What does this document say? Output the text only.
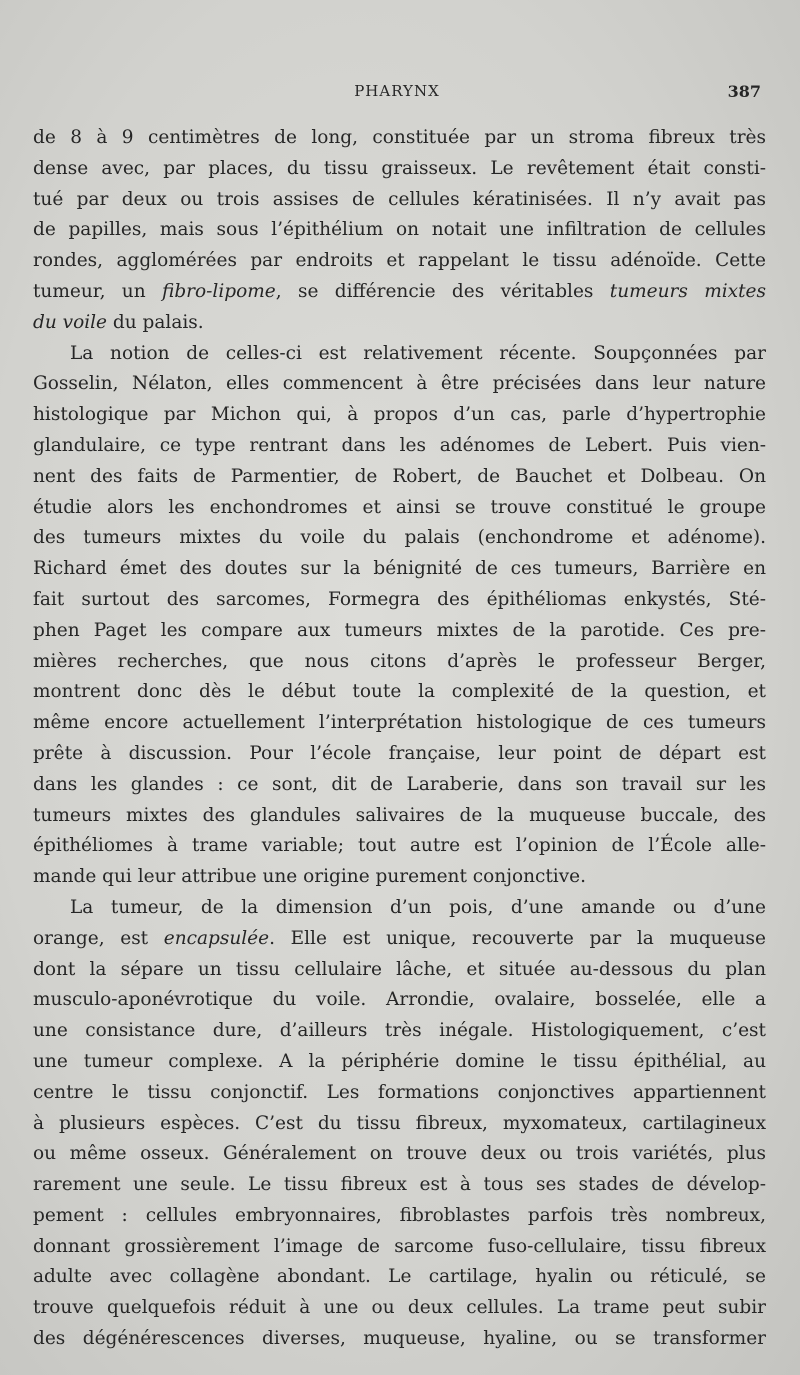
PHARYNX	387
de 8 à 9 centimètres de long, constituée par un stroma fibreux très
dense avec, par places, du tissu graisseux. Le revêtement était consti-
tué par deux ou trois assises de cellules kératinisées. Il n’y avait pas
de papilles, mais sous l’épithélium on notait une infiltration de cellules
rondes, agglomérées par endroits et rappelant le tissu adénoïde. Cette
tumeur, un fibro-lipome, se différencie des véritables tumeurs mixtes
du voile du palais.
La notion de celles-ci est relativement récente. Soupçonnées par
Gosselin, Nélaton, elles commencent à être précisées dans leur nature
histologique par Michon qui, à propos d’un cas, parle d’hypertrophie
glandulaire, ce type rentrant dans les adénomes de Lebert. Puis vien-
nent des faits de Parmentier, de Robert, de Bauchet et Dolbeau. On
étudie alors les enchondromes et ainsi se trouve constitué le groupe
des tumeurs mixtes du voile du palais (enchondrome et adénome).
Richard émet des doutes sur la bénignité de ces tumeurs, Barrière en
fait surtout des sarcomes, Formegra des épithéliomas enkystés, Sté-
phen Paget les compare aux tumeurs mixtes de la parotide. Ces pre-
mières recherches, que nous citons d’après le professeur Berger,
montrent donc dès le début toute la complexité de la question, et
même encore actuellement l’interprétation histologique de ces tumeurs
prête à discussion. Pour l’école française, leur point de départ est
dans les glandes : ce sont, dit de Laraberie, dans son travail sur les
tumeurs mixtes des glandules salivaires de la muqueuse buccale, des
épithéliomes à trame variable; tout autre est l’opinion de l’École alle-
mande qui leur attribue une origine purement conjonctive.
La tumeur, de la dimension d’un pois, d’une amande ou d’une
orange, est encapsulée. Elle est unique, recouverte par la muqueuse
dont la sépare un tissu cellulaire lâche, et située au-dessous du plan
musculo-aponévrotique du voile. Arrondie, ovalaire, bosselée, elle a
une consistance dure, d’ailleurs très inégale. Histologiquement, c’est
une tumeur complexe. A la périphérie domine le tissu épithélial, au
centre le tissu conjonctif. Les formations conjonctives appartiennent
à plusieurs espèces. C’est du tissu fibreux, myxomateux, cartilagineux
ou même osseux. Généralement on trouve deux ou trois variétés, plus
rarement une seule. Le tissu fibreux est à tous ses stades de dévelop-
pement : cellules embryonnaires, fibroblastes parfois très nombreux,
donnant grossièrement l’image de sarcome fuso-cellulaire, tissu fibreux
adulte avec collagène abondant. Le cartilage, hyalin ou réticulé, se
trouve quelquefois réduit à une ou deux cellules. La trame peut subir
des dégénérescences diverses, muqueuse, hyaline, ou se transformer
